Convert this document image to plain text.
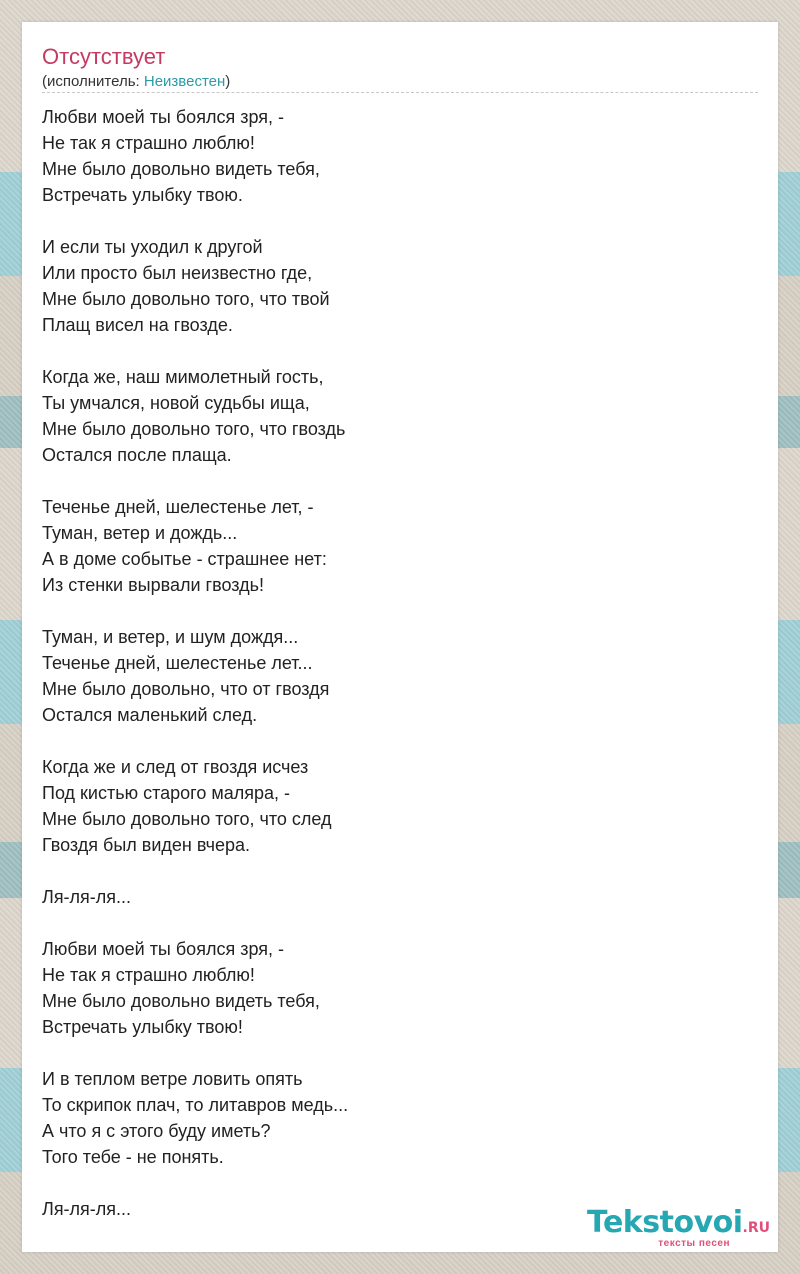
Отсутствует
(исполнитель: Неизвестен)
Любви моей ты боялся зря, -
Не так я страшно люблю!
Мне было довольно видеть тебя,
Встречать улыбку твою.
И если ты уходил к другой
Или просто был неизвестно где,
Мне было довольно того, что твой
Плащ висел на гвозде.
Когда же, наш мимолетный гость,
Ты умчался, новой судьбы ища,
Мне было довольно того, что гвоздь
Остался после плаща.
Теченье дней, шелестенье лет, -
Туман, ветер и дождь...
А в доме событье - страшнее нет:
Из стенки вырвали гвоздь!
Туман, и ветер, и шум дождя...
Теченье дней, шелестенье лет...
Мне было довольно, что от гвоздя
Остался маленький след.
Когда же и след от гвоздя исчез
Под кистью старого маляра, -
Мне было довольно того, что след
Гвоздя был виден вчера.
Ля-ля-ля...
Любви моей ты боялся зря, -
Не так я страшно люблю!
Мне было довольно видеть тебя,
Встречать улыбку твою!
И в теплом ветре ловить опять
То скрипок плач, то литавров медь...
А что я с этого буду иметь?
Того тебе - не понять.
Ля-ля-ля...	Tekstovoi.RU
тексты песен
